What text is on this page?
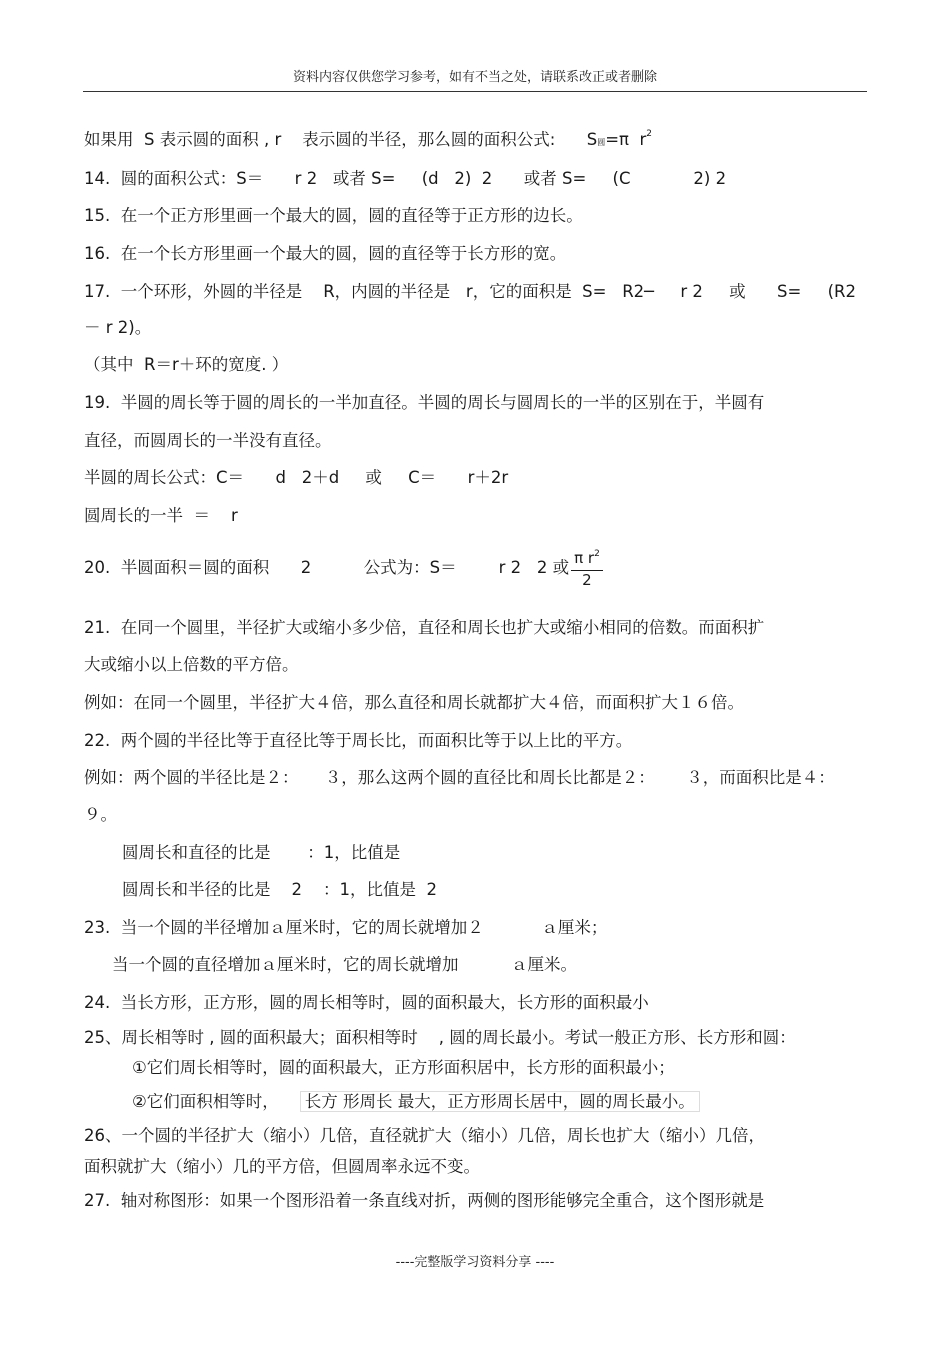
资料内容仅供您学习参考，如有不当之处，请联系改正或者删除
如果用  S 表示圆的面积 , r    表示圆的半径，那么圆的面积公式:      S圆=π  $r^2$
14.  圆的面积公式：S＝      r 2   或者 S=     (d   2)  2      或者 S=     (C            2) 2
15.  在一个正方形里画一个最大的圆，圆的直径等于正方形的边长。
16.  在一个长方形里画一个最大的圆，圆的直径等于长方形的宽。
17.  一个环形，外圆的半径是    R，内圆的半径是   r，它的面积是  S=   R2─     r 2     或      S=     (R2
－ r 2)。
（其中  R＝r＋环的宽度. ）
19.  半圆的周长等于圆的周长的一半加直径。半圆的周长与圆周长的一半的区别在于，半圆有
直径，而圆周长的一半没有直径。
半圆的周长公式：C＝      d   2＋d     或     C＝      r＋2r
圆周长的一半  ＝    r
20.  半圆面积＝圆的面积      2          公式为：S＝        r 2   2 或 $\frac{\pi r^2}{2}$
21.  在同一个圆里，半径扩大或缩小多少倍，直径和周长也扩大或缩小相同的倍数。而面积扩
大或缩小以上倍数的平方倍。
例如：在同一个圆里，半径扩大４倍，那么直径和周长就都扩大４倍，而面积扩大１６倍。
22.  两个圆的半径比等于直径比等于周长比，而面积比等于以上比的平方。
例如：两个圆的半径比是２：     ３，那么这两个圆的直径比和周长比都是２：      ３，而面积比是４：
９。
圆周长和直径的比是       ：1，比值是
圆周长和半径的比是    2    ：1，比值是  2
23.  当一个圆的半径增加ａ厘米时，它的周长就增加２           ａ厘米；
当一个圆的直径增加ａ厘米时，它的周长就增加          ａ厘米。
24.  当长方形，正方形，圆的周长相等时，圆的面积最大，长方形的面积最小
25、周长相等时 , 圆的面积最大；面积相等时    , 圆的周长最小。考试一般正方形、长方形和圆：
①它们周长相等时，圆的面积最大，正方形面积居中，长方形的面积最小；
②它们面积相等时，    长方 形周长 最大，正方形周长居中，圆的周长最小。
26、一个圆的半径扩大（缩小）几倍，直径就扩大（缩小）几倍，周长也扩大（缩小）几倍，
面积就扩大（缩小）几的平方倍，但圆周率永远不变。
27.  轴对称图形：如果一个图形沿着一条直线对折，两侧的图形能够完全重合，这个图形就是
----完整版学习资料分享 ----
